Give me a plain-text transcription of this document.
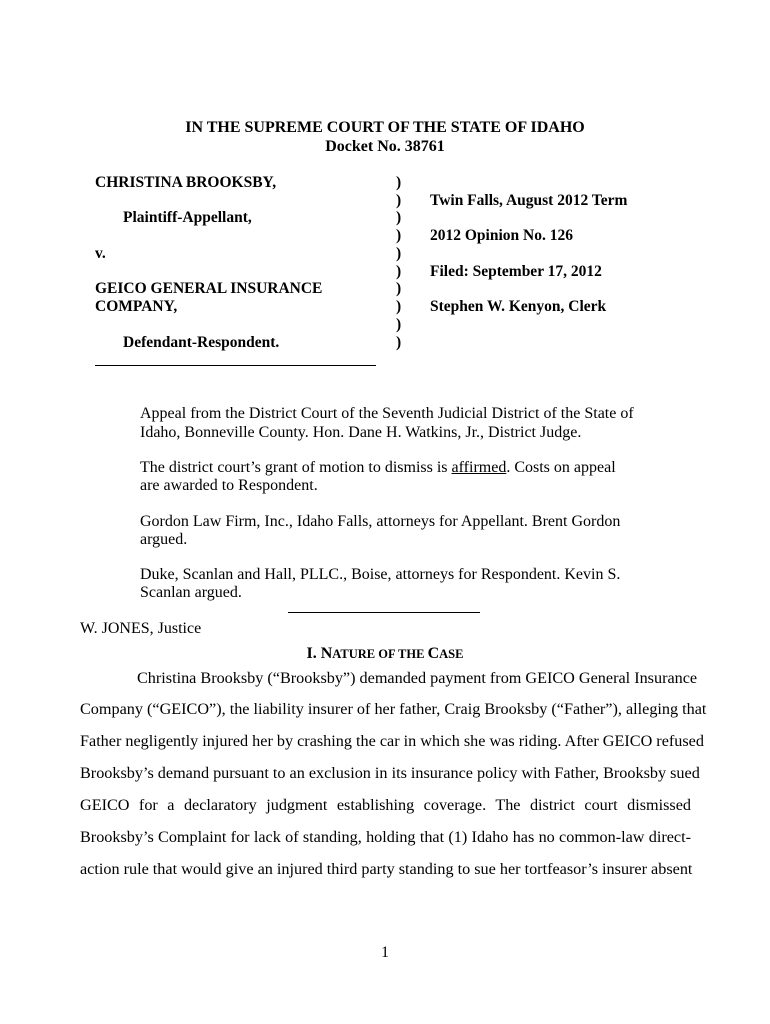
IN THE SUPREME COURT OF THE STATE OF IDAHO
Docket No. 38761
CHRISTINA BROOKSBY,
Plaintiff-Appellant,
v.
GEICO GENERAL INSURANCE
COMPANY,
Defendant-Respondent.
)
)
)
)
)
)
)
)
)
)
Twin Falls, August 2012 Term
2012 Opinion No. 126
Filed: September 17, 2012
Stephen W. Kenyon, Clerk
Appeal from the District Court of the Seventh Judicial District of the State of
Idaho, Bonneville County. Hon. Dane H. Watkins, Jr., District Judge.
The district court’s grant of motion to dismiss is affirmed. Costs on appeal
are awarded to Respondent.
Gordon Law Firm, Inc., Idaho Falls, attorneys for Appellant. Brent Gordon
argued.
Duke, Scanlan and Hall, PLLC., Boise, attorneys for Respondent. Kevin S.
Scanlan argued.
W. JONES, Justice
I. NATURE OF THE CASE
Christina Brooksby (“Brooksby”) demanded payment from GEICO General Insurance
Company (“GEICO”), the liability insurer of her father, Craig Brooksby (“Father”), alleging that
Father negligently injured her by crashing the car in which she was riding. After GEICO refused
Brooksby’s demand pursuant to an exclusion in its insurance policy with Father, Brooksby sued
GEICO for a declaratory judgment establishing coverage. The district court dismissed
Brooksby’s Complaint for lack of standing, holding that (1) Idaho has no common-law direct-
action rule that would give an injured third party standing to sue her tortfeasor’s insurer absent
1
